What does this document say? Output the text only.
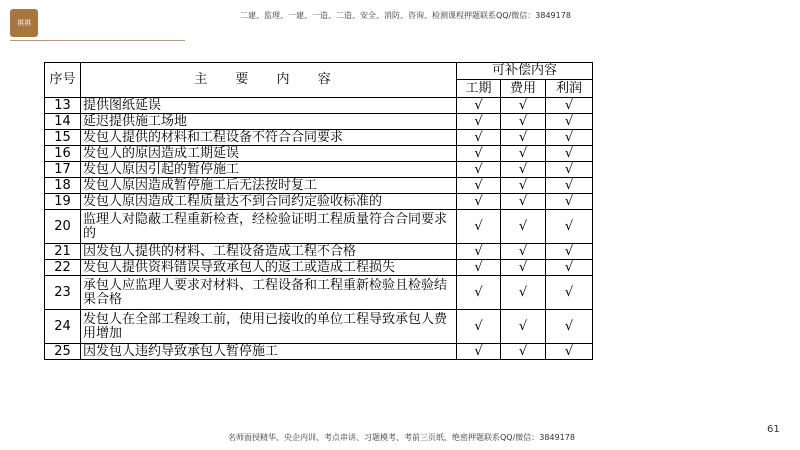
祺祺
二建、监理、一建、一造、二造、安全、消防、咨询、检测课程押题联系QQ/微信：3849178
序号	主 要 内 容	可补偿内容		
		工期	费用	利润
13	提供图纸延误	√	√	√
14	延迟提供施工场地	√	√	√
15	发包人提供的材料和工程设备不符合合同要求	√	√	√
16	发包人的原因造成工期延误	√	√	√
17	发包人原因引起的暂停施工	√	√	√
18	发包人原因造成暂停施工后无法按时复工	√	√	√
19	发包人原因造成工程质量达不到合同约定验收标准的	√	√	√
20	监理人对隐蔽工程重新检查，经检验证明工程质量符合合同要求的	√	√	√
21	因发包人提供的材料、工程设备造成工程不合格	√	√	√
22	发包人提供资料错误导致承包人的返工或造成工程损失	√	√	√
23	承包人应监理人要求对材料、工程设备和工程重新检验且检验结果合格	√	√	√
24	发包人在全部工程竣工前，使用已接收的单位工程导致承包人费用增加	√	√	√
25	因发包人违约导致承包人暂停施工	√	√	√
名师面授精华、央企内训、考点串讲、习题模考、考前三页纸、绝密押题联系QQ/微信：3849178
61
